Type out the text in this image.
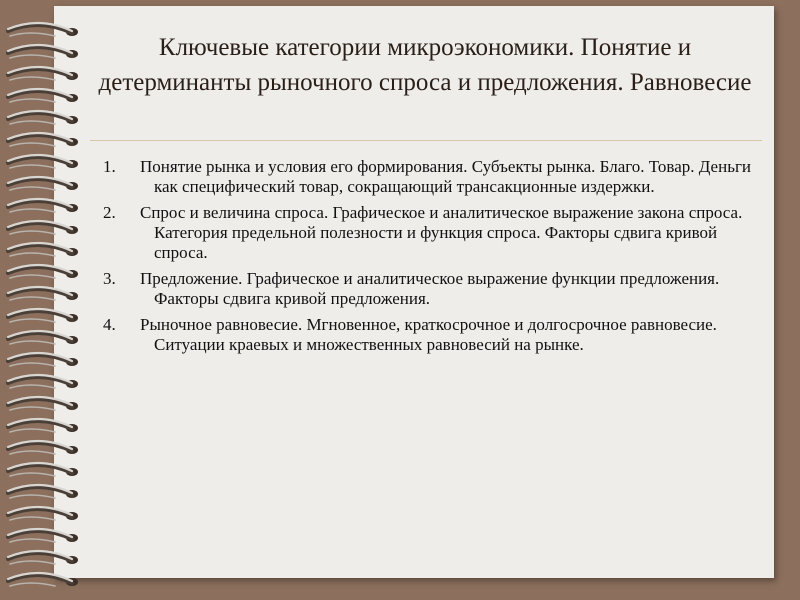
Ключевые категории микроэкономики. Понятие и детерминанты рыночного спроса и предложения. Равновесие
1.	Понятие рынка и условия его формирования. Субъекты рынка. Благо. Товар. Деньги как специфический товар, сокращающий трансакционные издержки.
2.	Спрос и величина спроса. Графическое и аналитическое выражение закона спроса. Категория предельной полезности и функция спроса. Факторы сдвига кривой спроса.
3.	Предложение. Графическое и аналитическое выражение функции предложения. Факторы сдвига кривой предложения.
4.	Рыночное равновесие. Мгновенное, краткосрочное и долгосрочное равновесие. Ситуации краевых и множественных равновесий на рынке.
